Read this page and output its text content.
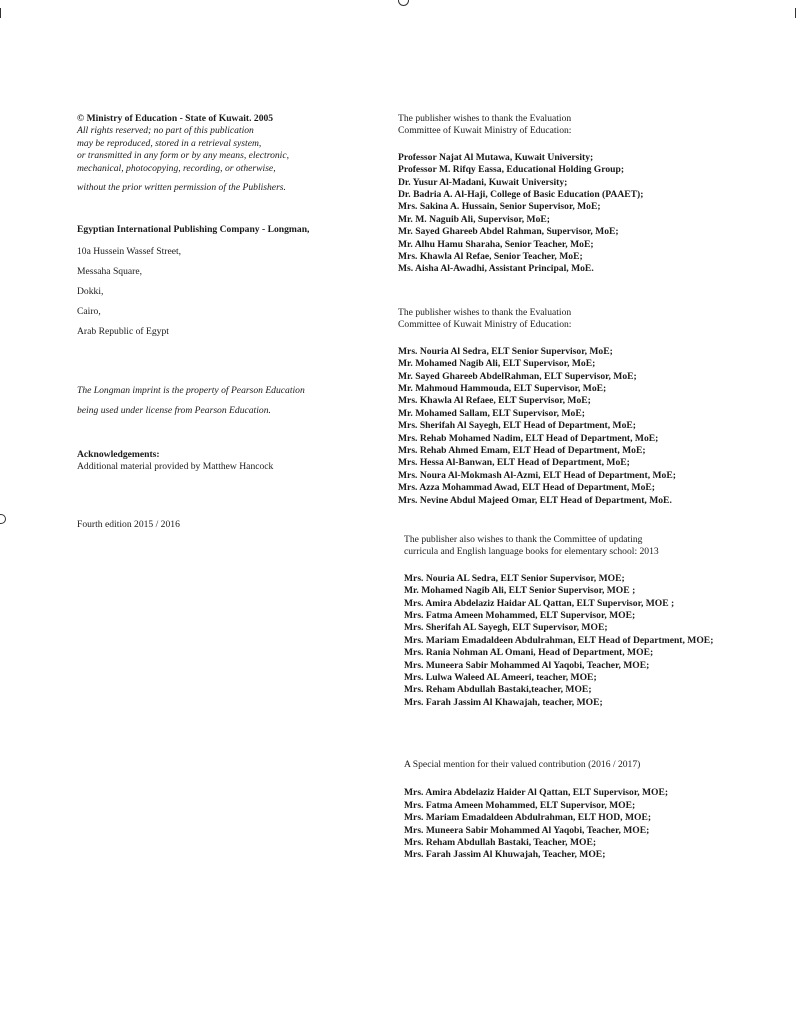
© Ministry of Education - State of Kuwait. 2005
All rights reserved; no part of this publication
may be reproduced, stored in a retrieval system,
or transmitted in any form or by any means, electronic,
mechanical, photocopying, recording, or otherwise,
without the prior written permission of the Publishers.
Egyptian International Publishing Company - Longman,
10a Hussein Wassef Street,
Messaha Square,
Dokki,
Cairo,
Arab Republic of Egypt
The Longman imprint is the property of Pearson Education
being used under license from Pearson Education.
Acknowledgements:
Additional material provided by Matthew Hancock
Fourth edition 2015 / 2016
The publisher wishes to thank the Evaluation
Committee of Kuwait Ministry of Education:
Professor Najat Al Mutawa, Kuwait University;
Professor M. Rifqy Eassa, Educational Holding Group;
Dr. Yusur Al-Madani, Kuwait University;
Dr. Badria A. Al-Haji, College of Basic Education (PAAET);
Mrs. Sakina A. Hussain, Senior Supervisor, MoE;
Mr. M. Naguib Ali, Supervisor, MoE;
Mr. Sayed Ghareeb Abdel Rahman, Supervisor, MoE;
Mr. Alhu Hamu Sharaha, Senior Teacher, MoE;
Mrs. Khawla Al Refae, Senior Teacher, MoE;
Ms. Aisha Al-Awadhi, Assistant Principal, MoE.
The publisher wishes to thank the Evaluation
Committee of Kuwait Ministry of Education:
Mrs. Nouria Al Sedra, ELT Senior Supervisor, MoE;
Mr. Mohamed Nagib Ali, ELT Supervisor, MoE;
Mr. Sayed Ghareeb AbdelRahman, ELT Supervisor, MoE;
Mr. Mahmoud Hammouda, ELT Supervisor, MoE;
Mrs. Khawla Al Refaee, ELT Supervisor, MoE;
Mr. Mohamed Sallam, ELT Supervisor, MoE;
Mrs. Sherifah Al Sayegh, ELT Head of Department, MoE;
Mrs. Rehab Mohamed Nadim, ELT Head of Department, MoE;
Mrs. Rehab Ahmed Emam, ELT Head of Department, MoE;
Mrs. Hessa Al-Banwan, ELT Head of Department, MoE;
Mrs. Noura Al-Mokmash Al-Azmi, ELT Head of Department, MoE;
Mrs. Azza Mohammad Awad, ELT Head of Department, MoE;
Mrs. Nevine Abdul Majeed Omar, ELT Head of Department, MoE.
The publisher also wishes to thank the Committee of updating
curricula and English language books for elementary school: 2013
Mrs. Nouria AL Sedra, ELT Senior Supervisor, MOE;
Mr. Mohamed Nagib Ali, ELT Senior Supervisor, MOE ;
Mrs. Amira Abdelaziz Haidar AL Qattan, ELT Supervisor, MOE ;
Mrs. Fatma Ameen Mohammed, ELT Supervisor, MOE;
Mrs. Sherifah AL Sayegh, ELT Supervisor, MOE;
Mrs. Mariam Emadaldeen Abdulrahman, ELT Head of Department, MOE;
Mrs. Rania Nohman AL Omani, Head of Department, MOE;
Mrs. Muneera Sabir Mohammed Al Yaqobi, Teacher, MOE;
Mrs. Lulwa Waleed AL Ameeri, teacher, MOE;
Mrs. Reham Abdullah Bastaki,teacher, MOE;
Mrs. Farah Jassim Al Khawajah, teacher, MOE;
A Special mention for their valued contribution (2016 / 2017)
Mrs. Amira Abdelaziz Haider Al Qattan, ELT Supervisor, MOE;
Mrs. Fatma Ameen Mohammed, ELT Supervisor, MOE;
Mrs. Mariam Emadaldeen Abdulrahman, ELT HOD, MOE;
Mrs. Muneera Sabir Mohammed Al Yaqobi, Teacher, MOE;
Mrs. Reham Abdullah Bastaki, Teacher, MOE;
Mrs. Farah Jassim Al Khuwajah, Teacher, MOE;
